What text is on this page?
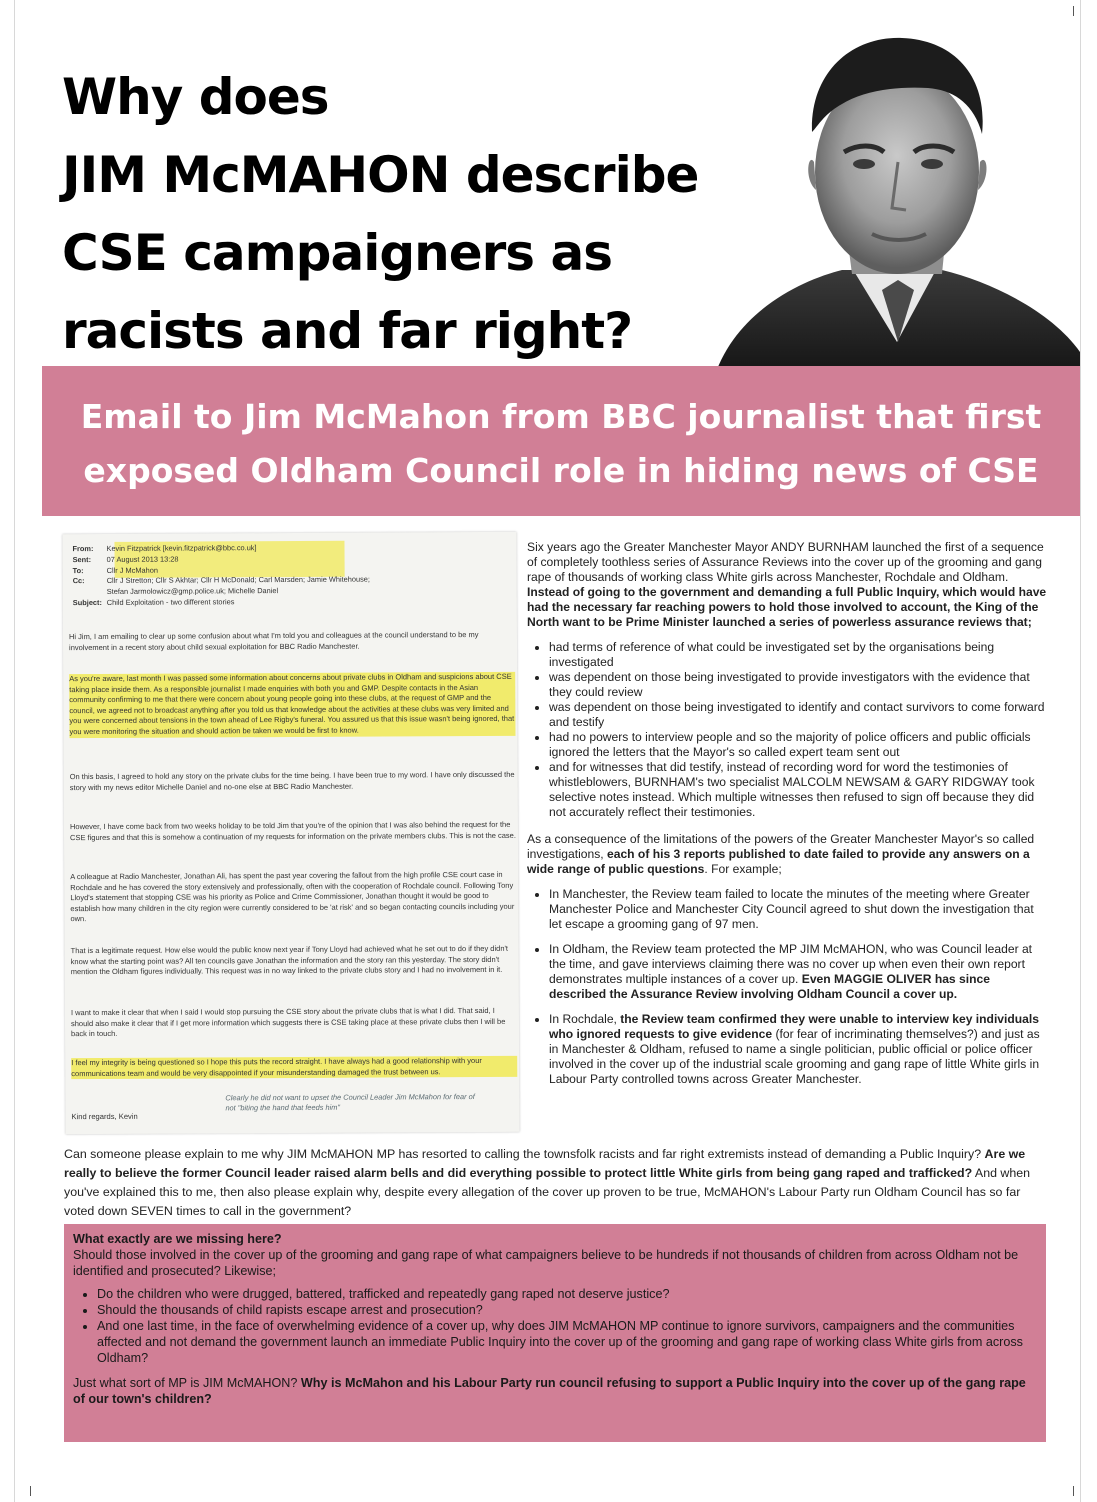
Why does
JIM McMAHON describe
CSE campaigners as
racists and far right?
Email to Jim McMahon from BBC journalist that first
exposed Oldham Council role in hiding news of CSE
From: Kevin Fitzpatrick [kevin.fitzpatrick@bbc.co.uk]
Sent: 07 August 2013 13:28
To:	Cllr J McMahon
Cc:	Cllr J Stretton; Cllr S Akhtar; Cllr H McDonald; Carl Marsden; Jamie Whitehouse;
Stefan Jarmolowicz@gmp.police.uk; Michelle Daniel
Subject: Child Exploitation - two different stories
Hi Jim, I am emailing to clear up some confusion about what I'm told you and colleagues at the council understand to be my involvement in a recent story about child sexual exploitation for BBC Radio Manchester.
As you're aware, last month I was passed some information about concerns about private clubs in Oldham and suspicions about CSE taking place inside them. As a responsible journalist I made enquiries with both you and GMP. Despite contacts in the Asian community confirming to me that there were concern about young people going into these clubs, at the request of GMP and the council, we agreed not to broadcast anything after you told us that knowledge about the activities at these clubs was very limited and you were concerned about tensions in the town ahead of Lee Rigby's funeral. You assured us that this issue wasn't being ignored, that you were monitoring the situation and should action be taken we would be first to know.
On this basis, I agreed to hold any story on the private clubs for the time being. I have been true to my word. I have only discussed the story with my news editor Michelle Daniel and no-one else at BBC Radio Manchester.
However, I have come back from two weeks holiday to be told Jim that you're of the opinion that I was also behind the request for the CSE figures and that this is somehow a continuation of my requests for information on the private members clubs. This is not the case.
A colleague at Radio Manchester, Jonathan Ali, has spent the past year covering the fallout from the high profile CSE court case in Rochdale and he has covered the story extensively and professionally, often with the cooperation of Rochdale council. Following Tony Lloyd's statement that stopping CSE was his priority as Police and Crime Commissioner, Jonathan thought it would be good to establish how many children in the city region were currently considered to be 'at risk' and so began contacting councils including your own.
That is a legitimate request. How else would the public know next year if Tony Lloyd had achieved what he set out to do if they didn't know what the starting point was? All ten councils gave Jonathan the information and the story ran this yesterday. The story didn't mention the Oldham figures individually. This request was in no way linked to the private clubs story and I had no involvement in it.
I want to make it clear that when I said I would stop pursuing the CSE story about the private clubs that is what I did. That said, I should also make it clear that if I get more information which suggests there is CSE taking place at these private clubs then I will be back in touch.
I feel my integrity is being questioned so I hope this puts the record straight. I have always had a good relationship with your communications team and would be very disappointed if your misunderstanding damaged the trust between us.
Clearly he did not want to upset the Council Leader Jim McMahon for fear of not "biting the hand that feeds him"
Kind regards, Kevin

Six years ago the Greater Manchester Mayor ANDY BURNHAM launched the first of a sequence of completely toothless series of Assurance Reviews into the cover up of the grooming and gang rape of thousands of working class White girls across Manchester, Rochdale and Oldham. Instead of going to the government and demanding a full Public Inquiry, which would have had the necessary far reaching powers to hold those involved to account, the King of the North want to be Prime Minister launched a series of powerless assurance reviews that;

• had terms of reference of what could be investigated set by the organisations being investigated
• was dependent on those being investigated to provide investigators with the evidence that they could review
• was dependent on those being investigated to identify and contact survivors to come forward and testify
• had no powers to interview people and so the majority of police officers and public officials ignored the letters that the Mayor's so called expert team sent out
• and for witnesses that did testify, instead of recording word for word the testimonies of whistleblowers, BURNHAM's two specialist MALCOLM NEWSAM & GARY RIDGWAY took selective notes instead. Which multiple witnesses then refused to sign off because they did not accurately reflect their testimonies.

As a consequence of the limitations of the powers of the Greater Manchester Mayor's so called investigations, each of his 3 reports published to date failed to provide any answers on a wide range of public questions. For example;

• In Manchester, the Review team failed to locate the minutes of the meeting where Greater Manchester Police and Manchester City Council agreed to shut down the investigation that let escape a grooming gang of 97 men.
• In Oldham, the Review team protected the MP JIM McMAHON, who was Council leader at the time, and gave interviews claiming there was no cover up when even their own report demonstrates multiple instances of a cover up. Even MAGGIE OLIVER has since described the Assurance Review involving Oldham Council a cover up.
• In Rochdale, the Review team confirmed they were unable to interview key individuals who ignored requests to give evidence (for fear of incriminating themselves?) and just as in Manchester & Oldham, refused to name a single politician, public official or police officer involved in the cover up of the industrial scale grooming and gang rape of little White girls in Labour Party controlled towns across Greater Manchester.

Can someone please explain to me why JIM McMAHON MP has resorted to calling the townsfolk racists and far right extremists instead of demanding a Public Inquiry? Are we really to believe the former Council leader raised alarm bells and did everything possible to protect little White girls from being gang raped and trafficked? And when you've explained this to me, then also please explain why, despite every allegation of the cover up proven to be true, McMAHON's Labour Party run Oldham Council has so far voted down SEVEN times to call in the government?

What exactly are we missing here?

Should those involved in the cover up of the grooming and gang rape of what campaigners believe to be hundreds if not thousands of children from across Oldham not be identified and prosecuted? Likewise;

• Do the children who were drugged, battered, trafficked and repeatedly gang raped not deserve justice?
• Should the thousands of child rapists escape arrest and prosecution?
• And one last time, in the face of overwhelming evidence of a cover up, why does JIM McMAHON MP continue to ignore survivors, campaigners and the communities affected and not demand the government launch an immediate Public Inquiry into the cover up of the grooming and gang rape of working class White girls from across Oldham?

Just what sort of MP is JIM McMAHON? Why is McMahon and his Labour Party run council refusing to support a Public Inquiry into the cover up of the gang rape of our town's children?
